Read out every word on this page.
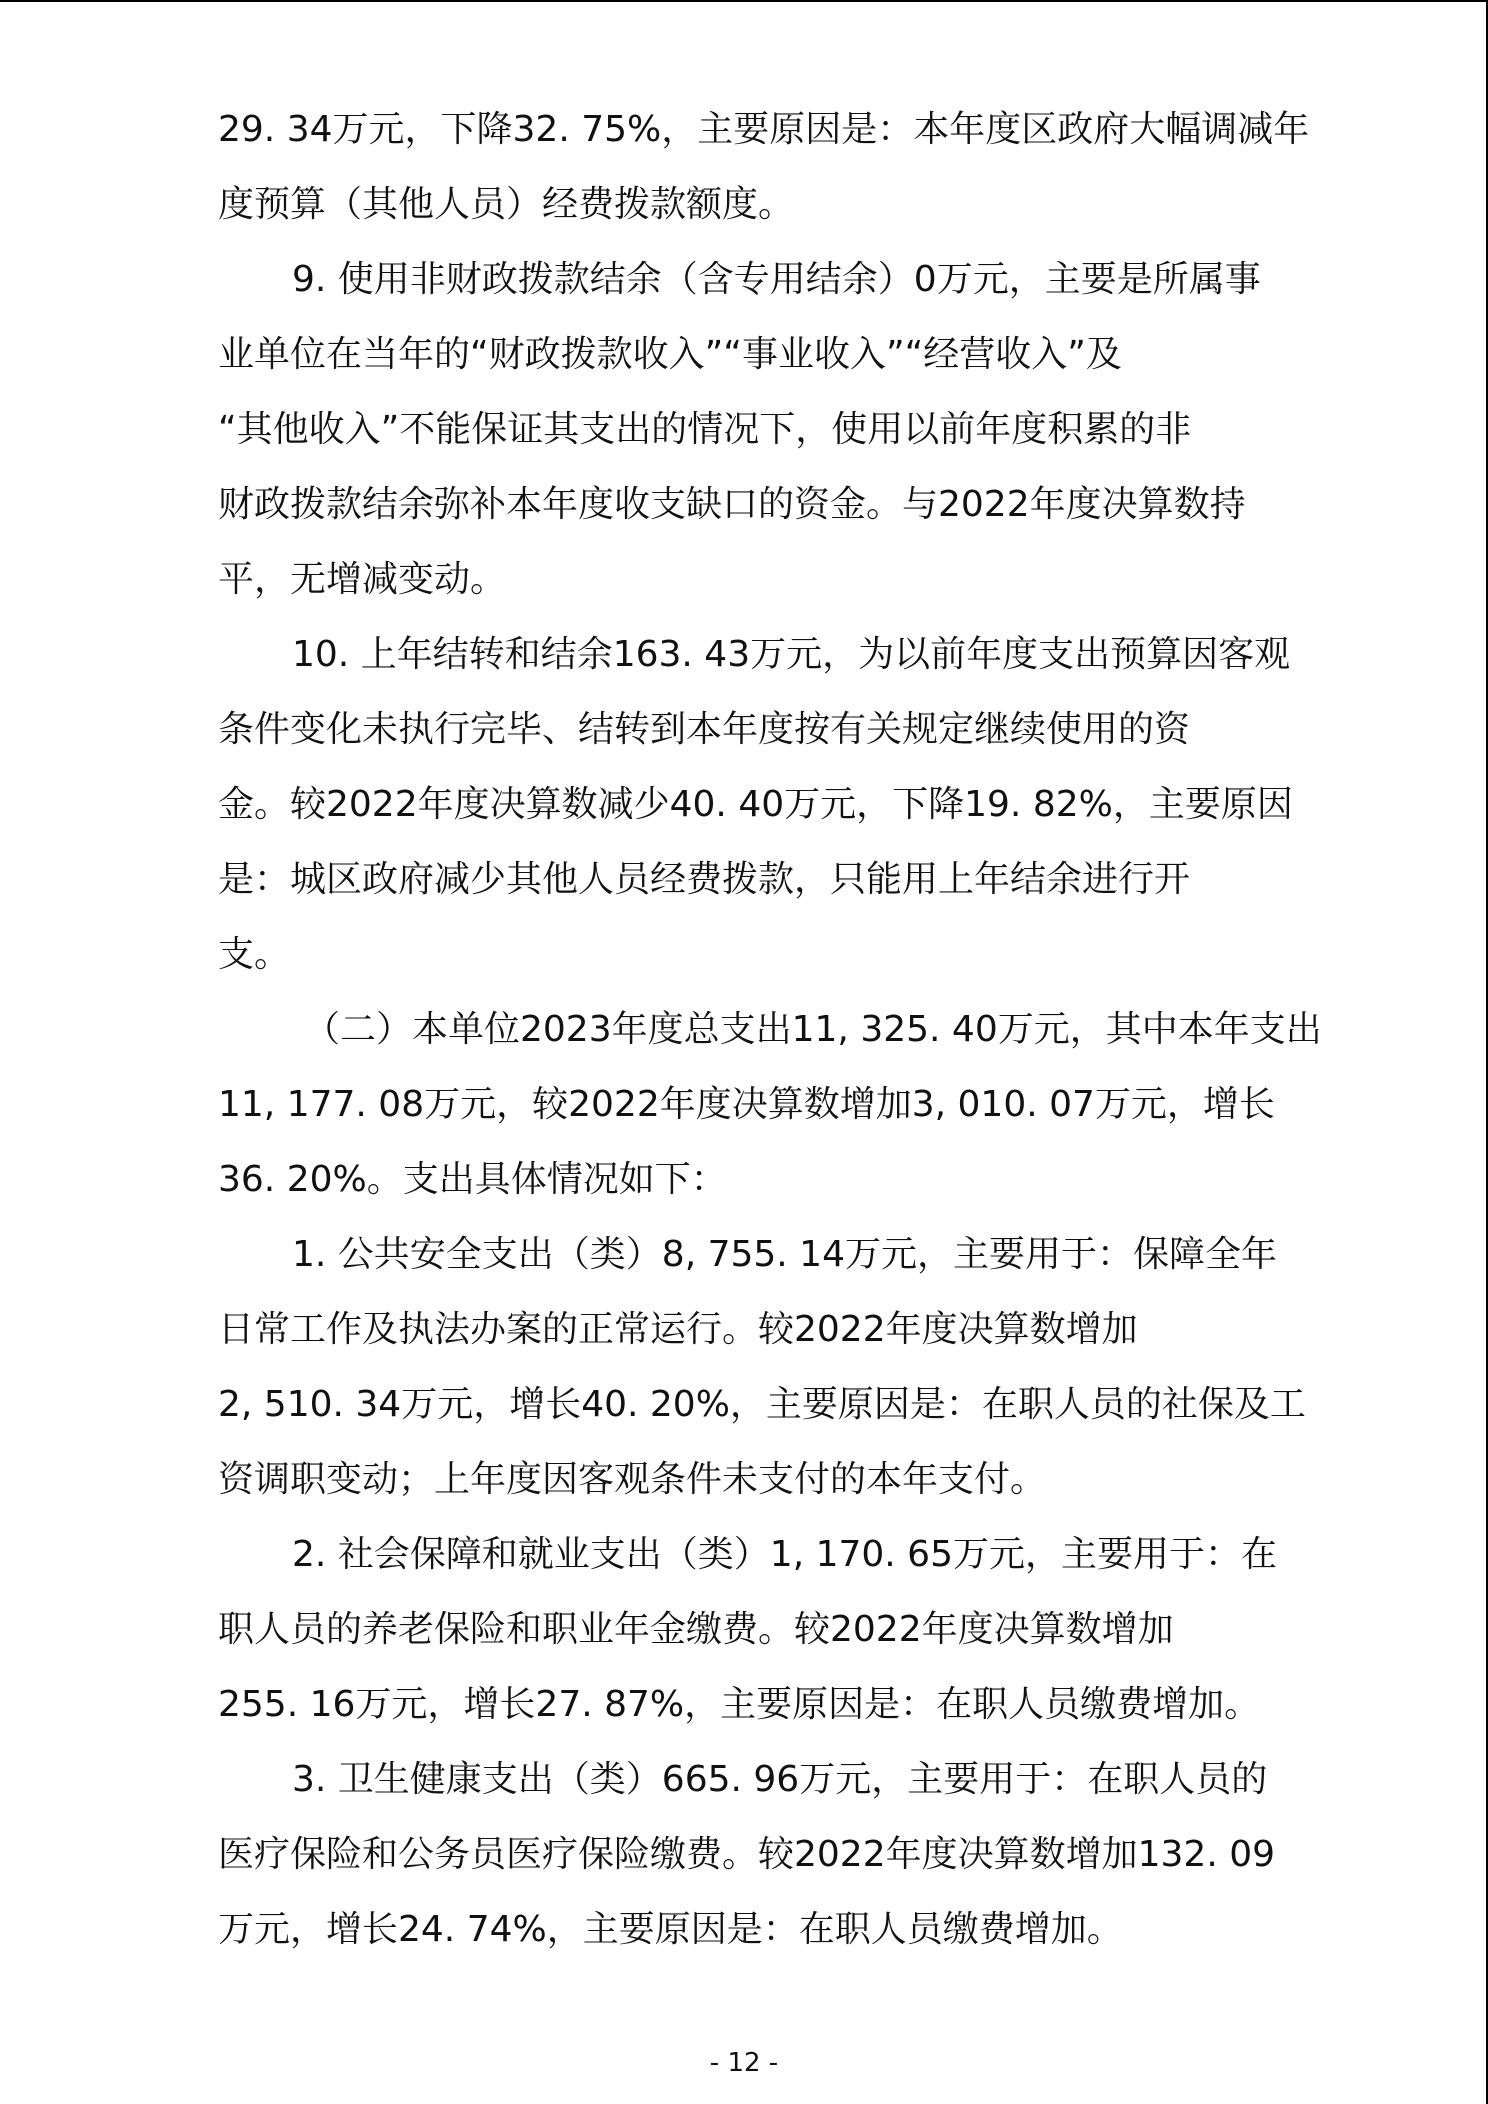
29. 34万元，下降32. 75%，主要原因是：本年度区政府大幅调减年
度预算（其他人员）经费拨款额度。
9. 使用非财政拨款结余（含专用结余）0万元，主要是所属事
业单位在当年的“财政拨款收入”“事业收入”“经营收入”及
“其他收入”不能保证其支出的情况下，使用以前年度积累的非
财政拨款结余弥补本年度收支缺口的资金。与2022年度决算数持
平，无增减变动。
10. 上年结转和结余163. 43万元，为以前年度支出预算因客观
条件变化未执行完毕、结转到本年度按有关规定继续使用的资
金。较2022年度决算数减少40. 40万元，下降19. 82%，主要原因
是：城区政府减少其他人员经费拨款，只能用上年结余进行开
支。
（二）本单位2023年度总支出11, 325. 40万元，其中本年支出
11, 177. 08万元，较2022年度决算数增加3, 010. 07万元，增长
36. 20%。支出具体情况如下：
1. 公共安全支出（类）8, 755. 14万元，主要用于：保障全年
日常工作及执法办案的正常运行。较2022年度决算数增加
2, 510. 34万元，增长40. 20%，主要原因是：在职人员的社保及工
资调职变动；上年度因客观条件未支付的本年支付。
2. 社会保障和就业支出（类）1, 170. 65万元，主要用于：在
职人员的养老保险和职业年金缴费。较2022年度决算数增加
255. 16万元，增长27. 87%，主要原因是：在职人员缴费增加。
3. 卫生健康支出（类）665. 96万元，主要用于：在职人员的
医疗保险和公务员医疗保险缴费。较2022年度决算数增加132. 09
万元，增长24. 74%，主要原因是：在职人员缴费增加。
- 12 -
